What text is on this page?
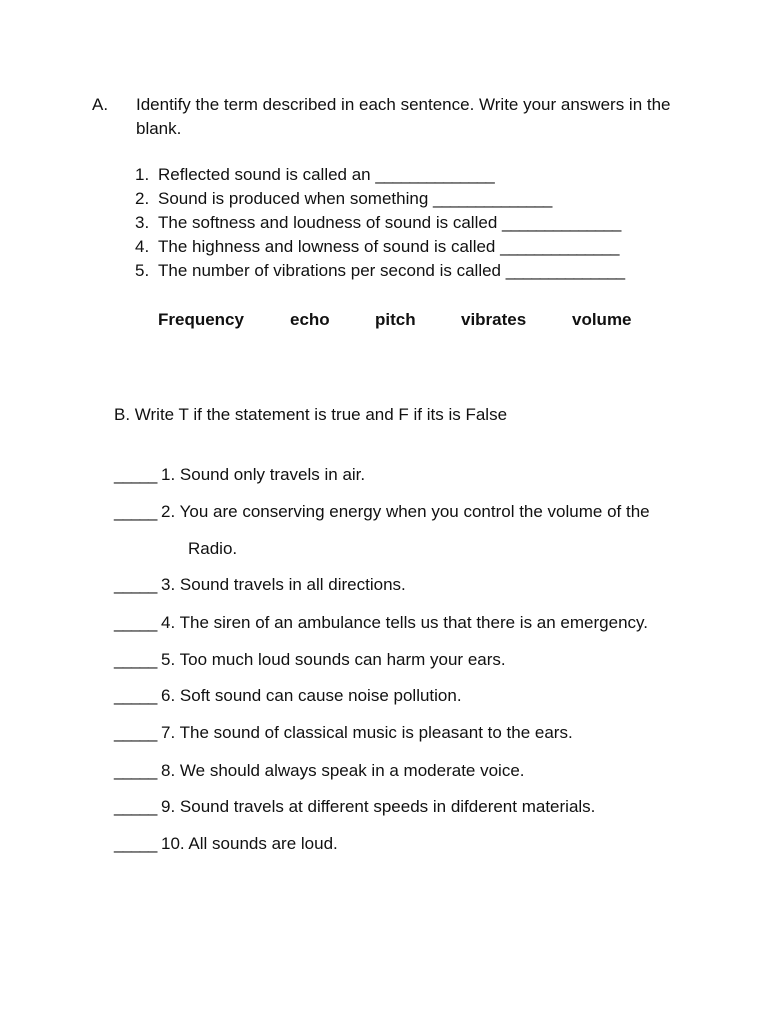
A. Identify the term described in each sentence. Write your answers in the blank.
1. Reflected sound is called an ______________
2. Sound is produced when something ______________
3. The softness and loudness of sound is called ______________
4. The highness and lowness of sound is called ______________
5. The number of vibrations per second is called ______________
Frequency	echo	pitch	vibrates	volume
B. Write T if the statement is true and F if its is False
_____ 1. Sound only travels in air.
_____ 2. You are conserving energy when you control the volume of the
Radio.
_____ 3. Sound travels in all directions.
_____ 4. The siren of an ambulance tells us that there is an emergency.
_____ 5. Too much loud sounds can harm your ears.
_____ 6. Soft sound can cause noise pollution.
_____ 7. The sound of classical music is pleasant to the ears.
_____ 8. We should always speak in a moderate voice.
_____ 9. Sound travels at different speeds in difderent materials.
_____ 10. All sounds are loud.
